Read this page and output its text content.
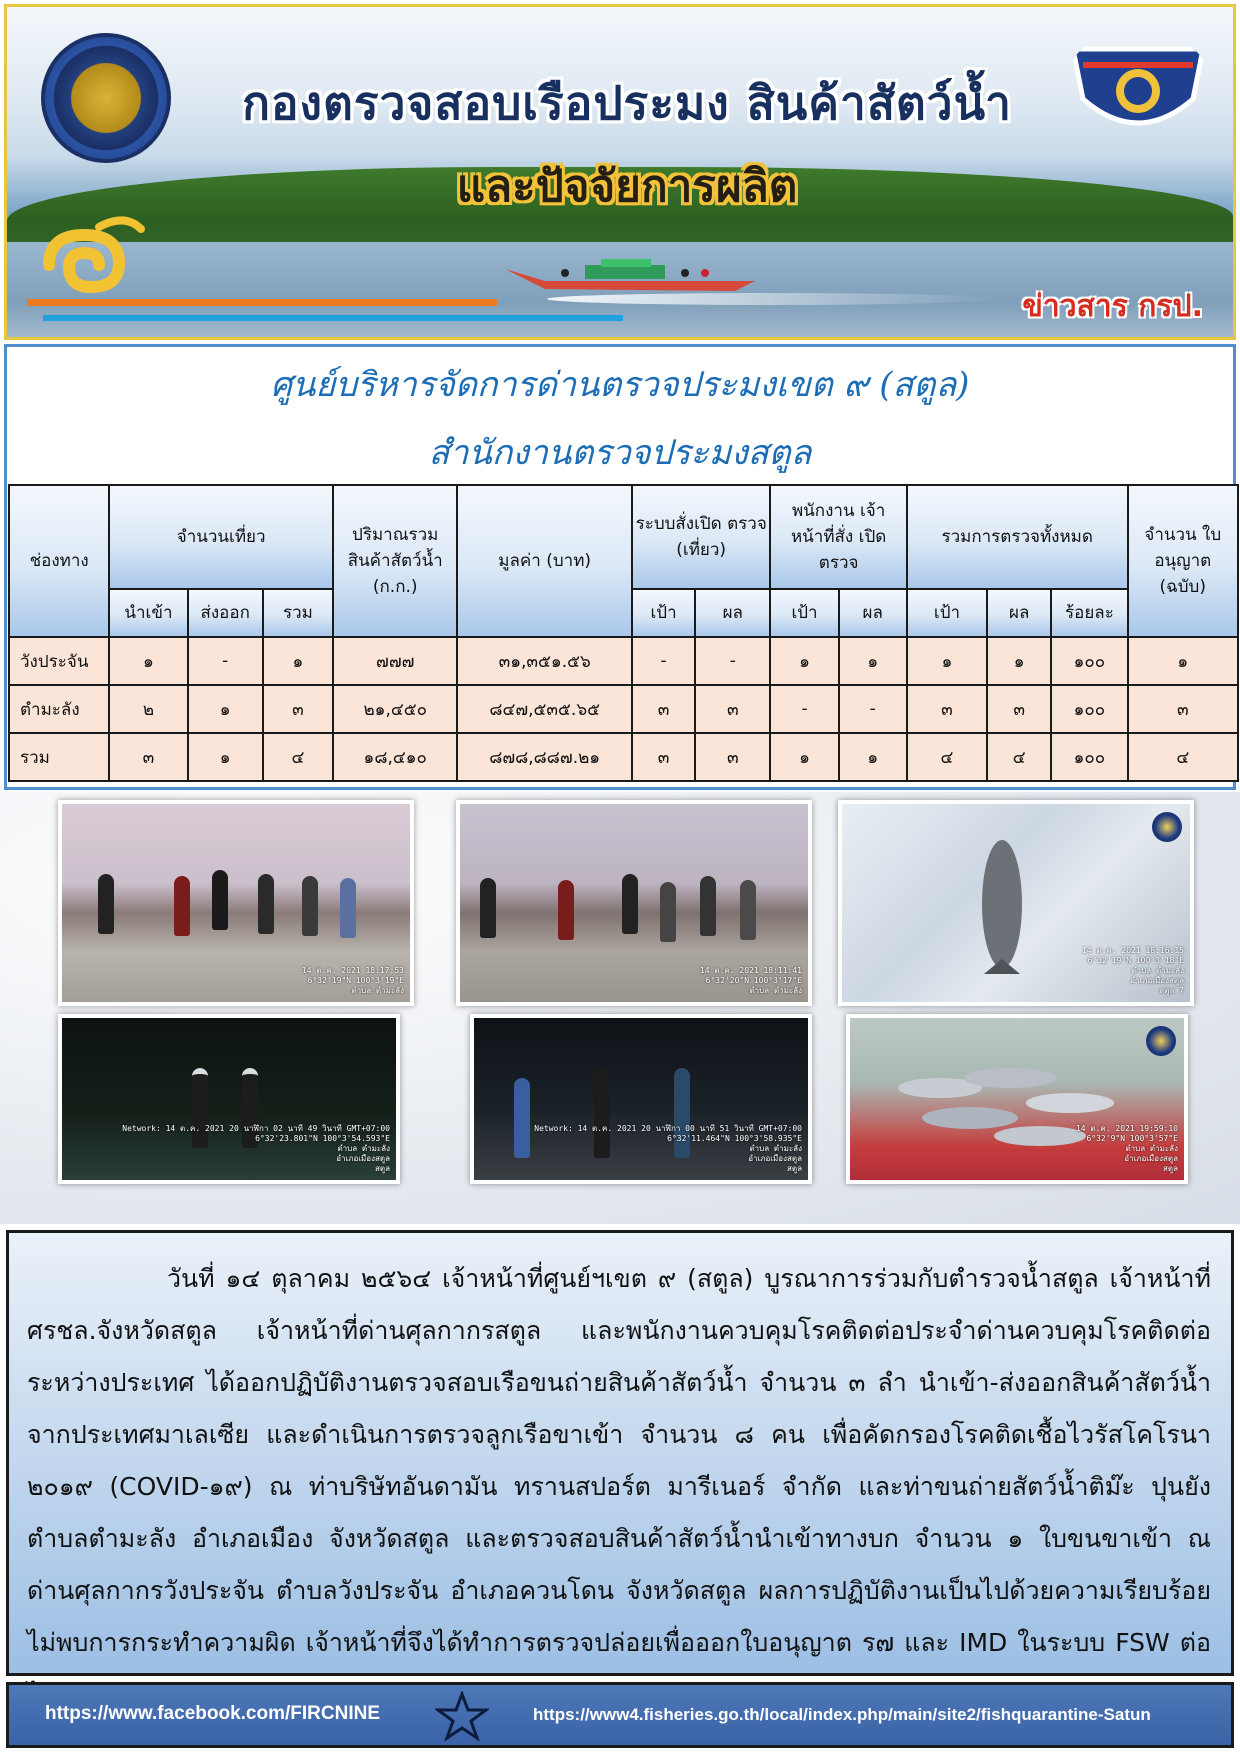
กองตรวจสอบเรือประมง สินค้าสัตว์น้ำ
และปัจจัยการผลิต
ข่าวสาร กรป.
ศูนย์บริหารจัดการด่านตรวจประมงเขต ๙ (สตูล)
สำนักงานตรวจประมงสตูล
ช่องทาง	จำนวนเที่ยว			ปริมาณรวม สินค้าสัตว์น้ำ (ก.ก.)	มูลค่า (บาท)	ระบบสั่งเปิด ตรวจ (เที่ยว)		พนักงาน เจ้าหน้าที่สั่ง เปิดตรวจ		รวมการตรวจทั้งหมด			จำนวน ใบอนุญาต (ฉบับ)
	นำเข้า	ส่งออก	รวม			เป้า	ผล	เป้า	ผล	เป้า	ผล	ร้อยละ	
วังประจัน	๑	-	๑	๗๗๗	๓๑,๓๕๑.๕๖	-	-	๑	๑	๑	๑	๑๐๐	๑
ตำมะลัง	๒	๑	๓	๒๑,๔๕๐	๘๔๗,๕๓๕.๖๕	๓	๓	-	-	๓	๓	๑๐๐	๓
รวม	๓	๑	๔	๑๘,๔๑๐	๘๗๘,๘๘๗.๒๑	๓	๓	๑	๑	๔	๔	๑๐๐	๔
14 ต.ค. 2021 18:17:53
6°32'19"N 100°3'19"E
ตำบล ตำมะลัง
14 ต.ค. 2021 18:11:41
6°32'20"N 100°3'17"E
ตำบล ตำมะลัง
14 ต.ค. 2021 18:16:15
6°32'19"N 100°3'18"E
ตำบล ตำมะลัง
อำเภอเมืองสตูล
สตูล 7
Network: 14 ต.ค. 2021 20 นาฬิกา 02 นาที 49 วินาที GMT+07:00
6°32'23.801"N 100°3'54.593"E
ตำบล ตำมะลัง
อำเภอเมืองสตูล
สตูล
Network: 14 ต.ค. 2021 20 นาฬิกา 00 นาที 51 วินาที GMT+07:00
6°32'11.464"N 100°3'58.935"E
ตำบล ตำมะลัง
อำเภอเมืองสตูล
สตูล
14 ต.ค. 2021 19:59:10
6°32'9"N 100°3'57"E
ตำบล ตำมะลัง
อำเภอเมืองสตูล
สตูล

วันที่ ๑๔ ตุลาคม ๒๕๖๔ เจ้าหน้าที่ศูนย์ฯเขต ๙ (สตูล) บูรณาการร่วมกับตำรวจน้ำสตูล เจ้าหน้าที่ ศรชล.จังหวัดสตูล เจ้าหน้าที่ด่านศุลกากรสตูล และพนักงานควบคุมโรคติดต่อประจำด่านควบคุมโรคติดต่อระหว่างประเทศ ได้ออกปฏิบัติงานตรวจสอบเรือขนถ่ายสินค้าสัตว์น้ำ จำนวน ๓ ลำ นำเข้า-ส่งออกสินค้าสัตว์น้ำจากประเทศมาเลเซีย และดำเนินการตรวจลูกเรือขาเข้า จำนวน ๘ คน เพื่อคัดกรองโรคติดเชื้อไวรัสโคโรนา ๒๐๑๙ (COVID-๑๙) ณ ท่าบริษัทอันดามัน ทรานสปอร์ต มารีเนอร์ จำกัด และท่าขนถ่ายสัตว์น้ำติม๊ะ ปุนยัง ตำบลตำมะลัง อำเภอเมือง จังหวัดสตูล และตรวจสอบสินค้าสัตว์น้ำนำเข้าทางบก จำนวน ๑ ใบขนขาเข้า ณ ด่านศุลกากรวังประจัน ตำบลวังประจัน อำเภอควนโดน จังหวัดสตูล ผลการปฏิบัติงานเป็นไปด้วยความเรียบร้อยไม่พบการกระทำความผิด เจ้าหน้าที่จึงได้ทำการตรวจปล่อยเพื่อออกใบอนุญาต ร๗ และ IMD ในระบบ FSW ต่อ

https://www.facebook.com/FIRCNINE	https://www4.fisheries.go.th/local/index.php/main/site2/fishquarantine-Satun
